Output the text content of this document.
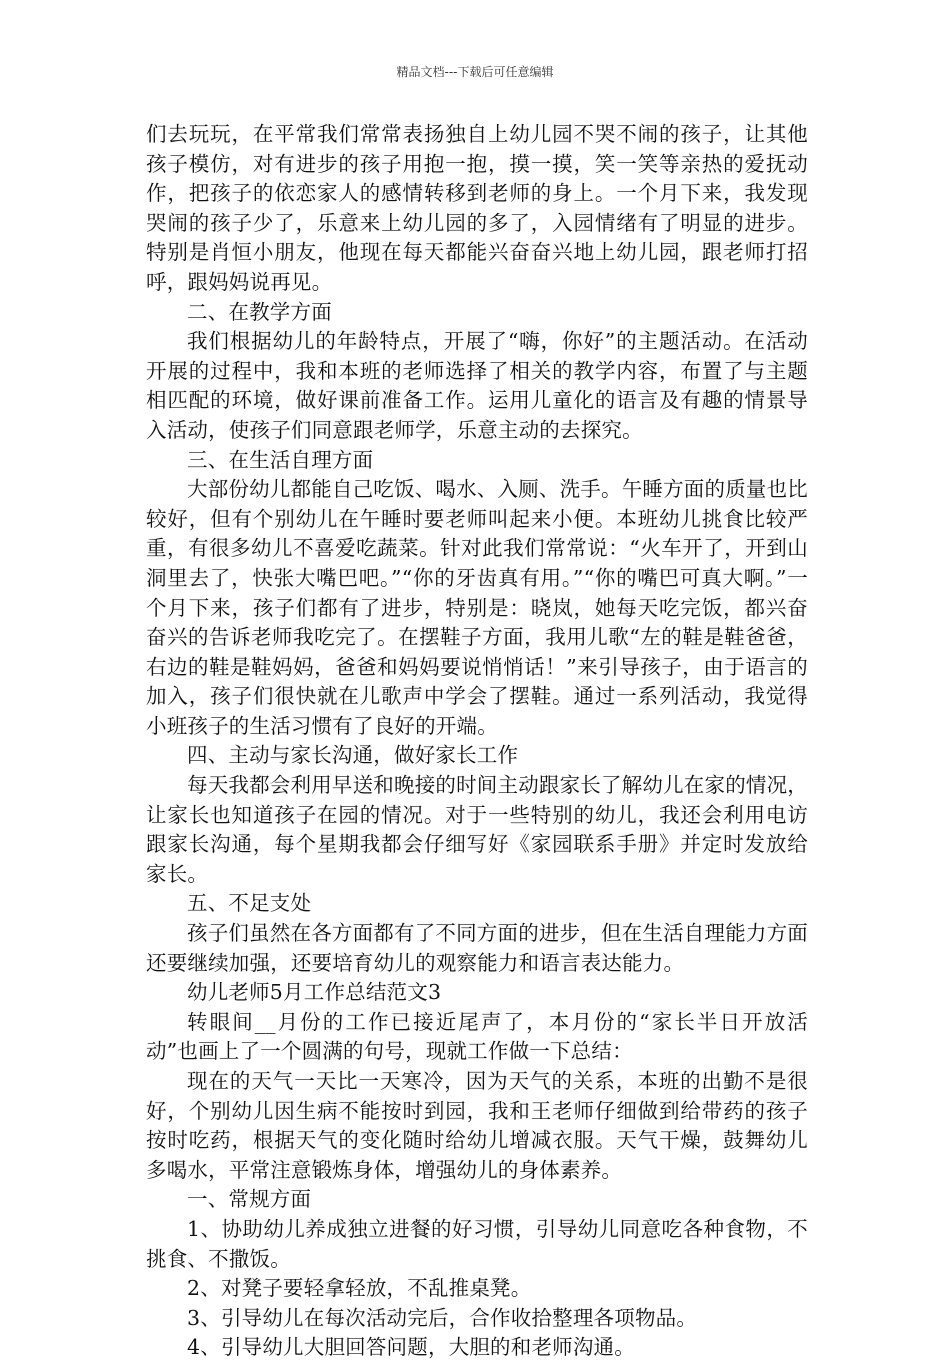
精品文档---下载后可任意编辑

们去玩玩，在平常我们常常表扬独自上幼儿园不哭不闹的孩子，让其他孩子模仿，对有进步的孩子用抱一抱，摸一摸，笑一笑等亲热的爱抚动作，把孩子的依恋家人的感情转移到老师的身上。一个月下来，我发现哭闹的孩子少了，乐意来上幼儿园的多了，入园情绪有了明显的进步。特别是肖恒小朋友，他现在每天都能兴奋奋兴地上幼儿园，跟老师打招呼，跟妈妈说再见。

二、在教学方面

我们根据幼儿的年龄特点，开展了“嗨，你好”的主题活动。在活动开展的过程中，我和本班的老师选择了相关的教学内容，布置了与主题相匹配的环境，做好课前准备工作。运用儿童化的语言及有趣的情景导入活动，使孩子们同意跟老师学，乐意主动的去探究。

三、在生活自理方面

大部份幼儿都能自己吃饭、喝水、入厕、洗手。午睡方面的质量也比较好，但有个别幼儿在午睡时要老师叫起来小便。本班幼儿挑食比较严重，有很多幼儿不喜爱吃蔬菜。针对此我们常常说：“火车开了，开到山洞里去了，快张大嘴巴吧。”“你的牙齿真有用。”“你的嘴巴可真大啊。”一个月下来，孩子们都有了进步，特别是：晓岚，她每天吃完饭，都兴奋奋兴的告诉老师我吃完了。在摆鞋子方面，我用儿歌“左的鞋是鞋爸爸，右边的鞋是鞋妈妈，爸爸和妈妈要说悄悄话！”来引导孩子，由于语言的加入，孩子们很快就在儿歌声中学会了摆鞋。通过一系列活动，我觉得小班孩子的生活习惯有了良好的开端。

四、主动与家长沟通，做好家长工作

每天我都会利用早送和晚接的时间主动跟家长了解幼儿在家的情况，让家长也知道孩子在园的情况。对于一些特别的幼儿，我还会利用电访跟家长沟通，每个星期我都会仔细写好《家园联系手册》并定时发放给家长。

五、不足支处

孩子们虽然在各方面都有了不同方面的进步，但在生活自理能力方面还要继续加强，还要培育幼儿的观察能力和语言表达能力。

幼儿老师5月工作总结范文3

转眼间__月份的工作已接近尾声了，本月份的“家长半日开放活动”也画上了一个圆满的句号，现就工作做一下总结：

现在的天气一天比一天寒冷，因为天气的关系，本班的出勤不是很好，个别幼儿因生病不能按时到园，我和王老师仔细做到给带药的孩子按时吃药，根据天气的变化随时给幼儿增减衣服。天气干燥，鼓舞幼儿多喝水，平常注意锻炼身体，增强幼儿的身体素养。

一、常规方面

1、协助幼儿养成独立进餐的好习惯，引导幼儿同意吃各种食物，不挑食、不撒饭。

2、对凳子要轻拿轻放，不乱推桌凳。

3、引导幼儿在每次活动完后，合作收拾整理各项物品。

4、引导幼儿大胆回答问题，大胆的和老师沟通。
